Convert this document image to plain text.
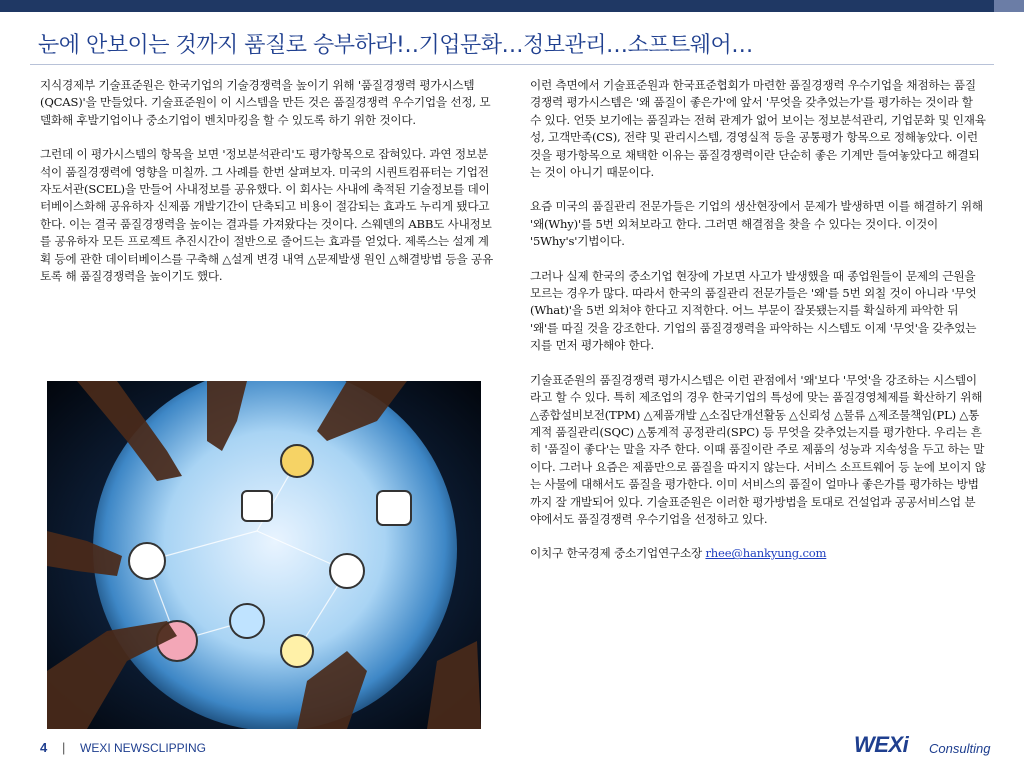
눈에 안보이는 것까지 품질로 승부하라!‥기업문화…정보관리…소프트웨어…

지식경제부 기술표준원은 한국기업의 기술경쟁력을 높이기 위해 '품질경쟁력 평가시스템(QCAS)'을 만들었다. 기술표준원이 이 시스템을 만든 것은 품질경쟁력 우수기업을 선정, 모델화해 후발기업이나 중소기업이 벤치마킹을 할 수 있도록 하기 위한 것이다.

그런데 이 평가시스템의 항목을 보면 '정보분석관리'도 평가항목으로 잡혀있다. 과연 정보분석이 품질경쟁력에 영향을 미칠까. 그 사례를 한번 살펴보자. 미국의 시퀀트컴퓨터는 기업전자도서관(SCEL)을 만들어 사내정보를 공유했다. 이 회사는 사내에 축적된 기술정보를 데이터베이스화해 공유하자 신제품 개발기간이 단축되고 비용이 절감되는 효과도 누리게 됐다고 한다. 이는 결국 품질경쟁력을 높이는 결과를 가져왔다는 것이다. 스웨덴의 ABB도 사내정보를 공유하자 모든 프로젝트 추진시간이 절반으로 줄어드는 효과를 얻었다. 제록스는 설계 계획 등에 관한 데이터베이스를 구축해 △설계 변경 내역 △문제발생 원인 △해결방법 등을 공유토록 해 품질경쟁력을 높이기도 했다.

이런 측면에서 기술표준원과 한국표준협회가 마련한 품질경쟁력 우수기업을 채점하는 품질경쟁력 평가시스템은 '왜 품질이 좋은가'에 앞서 '무엇을 갖추었는가'를 평가하는 것이라 할 수 있다. 언뜻 보기에는 품질과는 전혀 관계가 없어 보이는 정보분석관리, 기업문화 및 인재육성, 고객만족(CS), 전략 및 관리시스템, 경영실적 등을 공통평가 항목으로 정해놓았다. 이런 것을 평가항목으로 채택한 이유는 품질경쟁력이란 단순히 좋은 기계만 들여놓았다고 해결되는 것이 아니기 때문이다.

요즘 미국의 품질관리 전문가들은 기업의 생산현장에서 문제가 발생하면 이를 해결하기 위해 '왜(Why)'를 5번 외쳐보라고 한다. 그러면 해결점을 찾을 수 있다는 것이다. 이것이 '5Why's'기법이다.

그러나 실제 한국의 중소기업 현장에 가보면 사고가 발생했을 때 종업원들이 문제의 근원을 모르는 경우가 많다. 따라서 한국의 품질관리 전문가들은 '왜'를 5번 외칠 것이 아니라 '무엇(What)'을 5번 외쳐야 한다고 지적한다. 어느 부문이 잘못됐는지를 확실하게 파악한 뒤 '왜'를 따질 것을 강조한다. 기업의 품질경쟁력을 파악하는 시스템도 이제 '무엇'을 갖추었는지를 먼저 평가해야 한다.

기술표준원의 품질경쟁력 평가시스템은 이런 관점에서 '왜'보다 '무엇'을 강조하는 시스템이라고 할 수 있다. 특히 제조업의 경우 한국기업의 특성에 맞는 품질경영체제를 확산하기 위해 △종합설비보전(TPM) △제품개발 △소집단개선활동 △신뢰성 △물류 △제조물책임(PL) △통계적 품질관리(SQC) △통계적 공정관리(SPC) 등 무엇을 갖추었는지를 평가한다. 우리는 흔히 '품질이 좋다'는 말을 자주 한다. 이때 품질이란 주로 제품의 성능과 지속성을 두고 하는 말이다. 그러나 요즘은 제품만으로 품질을 따지지 않는다. 서비스 소프트웨어 등 눈에 보이지 않는 사물에 대해서도 품질을 평가한다. 이미 서비스의 품질이 얼마나 좋은가를 평가하는 방법까지 잘 개발되어 있다. 기술표준원은 이러한 평가방법을 토대로 건설업과 공공서비스업 분야에서도 품질경쟁력 우수기업을 선정하고 있다.

이치구 한국경제 중소기업연구소장 rhee@hankyung.com

4 | WEXI NEWSCLIPPING	WEXi Consulting
